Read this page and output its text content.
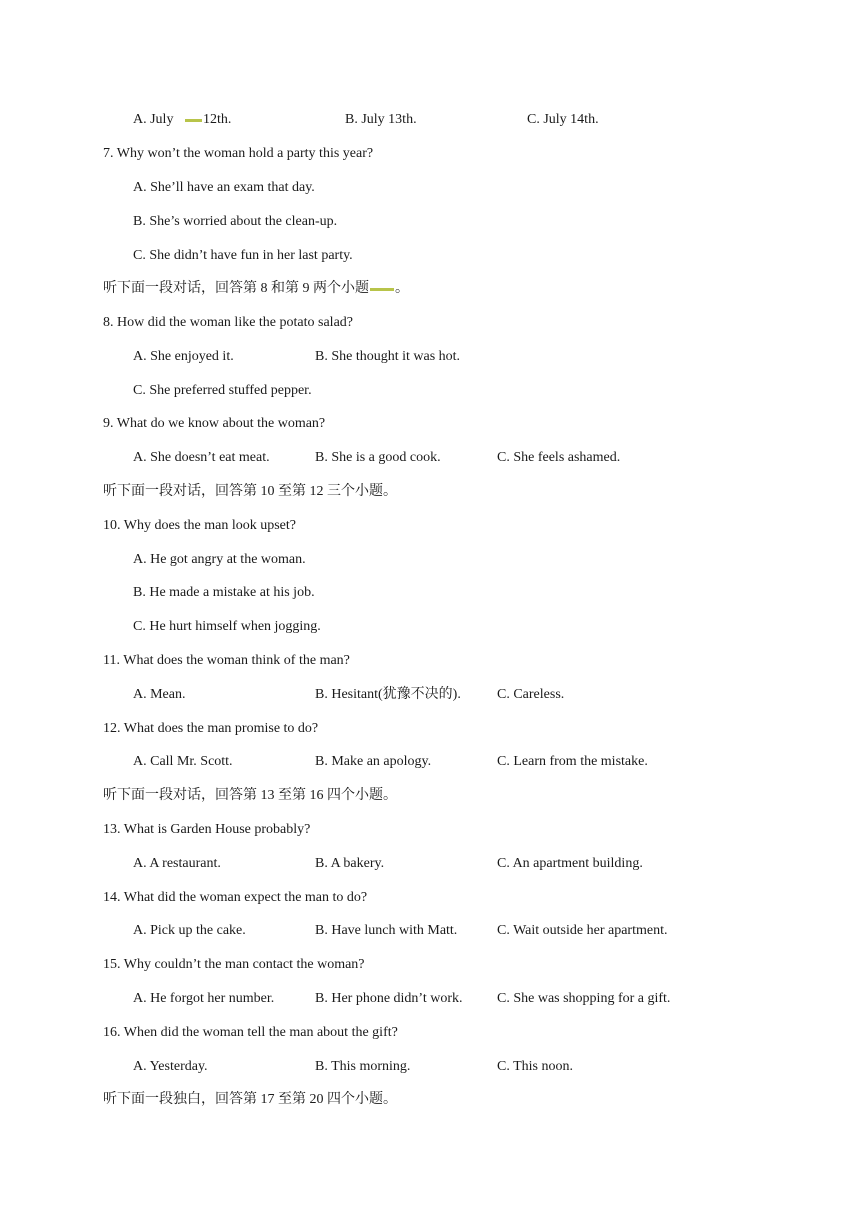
A. July 12th.	B. July 13th.	C. July 14th.
7. Why won’t the woman hold a party this year?
A. She’ll have an exam that day.
B. She’s worried about the clean-up.
C. She didn’t have fun in her last party.
听下面一段对话，回答第 8 和第 9 两个小题 。
8. How did the woman like the potato salad?
A. She enjoyed it.	B. She thought it was hot.
C. She preferred stuffed pepper.
9. What do we know about the woman?
A. She doesn’t eat meat.	B. She is a good cook.	C. She feels ashamed.
听下面一段对话，回答第 10 至第 12 三个小题。
10. Why does the man look upset?
A. He got angry at the woman.
B. He made a mistake at his job.
C. He hurt himself when jogging.
11. What does the woman think of the man?
A. Mean.	B. Hesitant(犹豫不决的).	C. Careless.
12. What does the man promise to do?
A. Call Mr. Scott.	B. Make an apology.	C. Learn from the mistake.
听下面一段对话，回答第 13 至第 16 四个小题。
13. What is Garden House probably?
A. A restaurant.	B. A bakery.	C. An apartment building.
14. What did the woman expect the man to do?
A. Pick up the cake.	B. Have lunch with Matt.	C. Wait outside her apartment.
15. Why couldn’t the man contact the woman?
A. He forgot her number.	B. Her phone didn’t work. C. She was shopping for a gift.
16. When did the woman tell the man about the gift?
A. Yesterday.	B. This morning.	C. This noon.
听下面一段独白，回答第 17 至第 20 四个小题。
